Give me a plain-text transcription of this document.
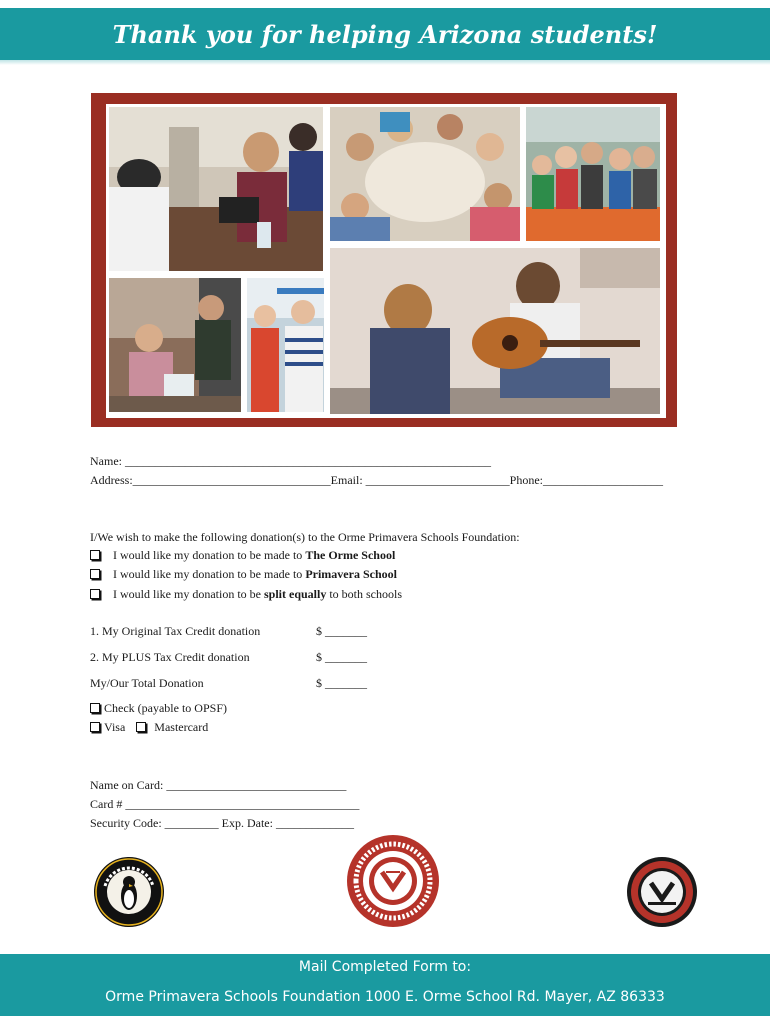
Thank you for helping Arizona students!
Name: _____________________________________________________________
Address:_________________________________Email: ________________________Phone:____________________
I/We wish to make the following donation(s) to the Orme Primavera Schools Foundation:
I would like my donation to be made to The Orme School
I would like my donation to be made to Primavera School
I would like my donation to be split equally to both schools
1. My Original Tax Credit donation	$ _______
2. My PLUS Tax Credit donation	$ _______
My/Our Total Donation	$ _______
Check (payable to OPSF)
Visa Mastercard
Name on Card: ______________________________
Card # _______________________________________
Security Code: _________ Exp. Date: _____________
Mail Completed Form to:
Orme Primavera Schools Foundation 1000 E. Orme School Rd. Mayer, AZ 86333
